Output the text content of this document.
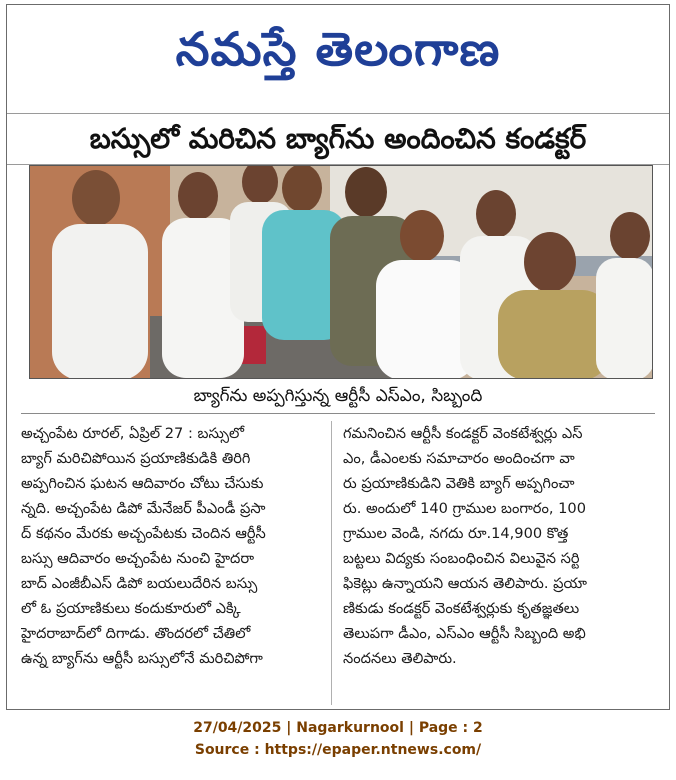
నమస్తే తెలంగాణ
బస్సులో మరిచిన బ్యాగ్‌ను అందించిన కండక్టర్
బ్యాగ్‌ను అప్పగిస్తున్న ఆర్టీసీ ఎస్ఎం, సిబ్బంది
అచ్చంపేట రూరల్‌, ఏప్రిల్‌ 27 : బస్సులో
బ్యాగ్‌ మరిచిపోయిన ప్రయాణికుడికి తిరిగి
అప్పగించిన ఘటన ఆదివారం చోటు చేసుకు
న్నది. అచ్చంపేట డిపో మేనేజర్‌ పీఎండీ ప్రసా
ద్‌ కథనం మేరకు అచ్చంపేటకు చెందిన ఆర్టీసీ
బస్సు ఆదివారం అచ్చంపేట నుంచి హైదరా
బాద్‌ ఎంజీబీఎస్‌ డిపో బయలుదేరిన బస్సు
లో ఓ ప్రయాణికులు కందుకూరులో ఎక్కి
హైదరాబాద్‌లో దిగాడు. తొందరలో చేతిలో
ఉన్న బ్యాగ్‌ను ఆర్టీసీ బస్సులోనే మరిచిపోగా
గమనించిన ఆర్టీసీ కండక్టర్‌ వెంకటేశ్వర్లు ఎస్‌
ఎం, డీఎంలకు సమాచారం అందించగా వా
రు ప్రయాణికుడిని వెతికి బ్యాగ్‌ అప్పగించా
రు. అందులో 140 గ్రాముల బంగారం, 100
గ్రాముల వెండి, నగదు రూ.14,900 కొత్త
బట్టలు విద్యకు సంబంధించిన విలువైన సర్టి
ఫికెట్లు ఉన్నాయని ఆయన తెలిపారు. ప్రయా
ణికుడు కండక్టర్‌ వెంకటేశ్వర్లుకు కృతజ్ఞతలు
తెలుపగా డీఎం, ఎస్ఎం ఆర్టీసీ సిబ్బంది అభి
నందనలు తెలిపారు.
27/04/2025 | Nagarkurnool | Page : 2
Source : https://epaper.ntnews.com/
